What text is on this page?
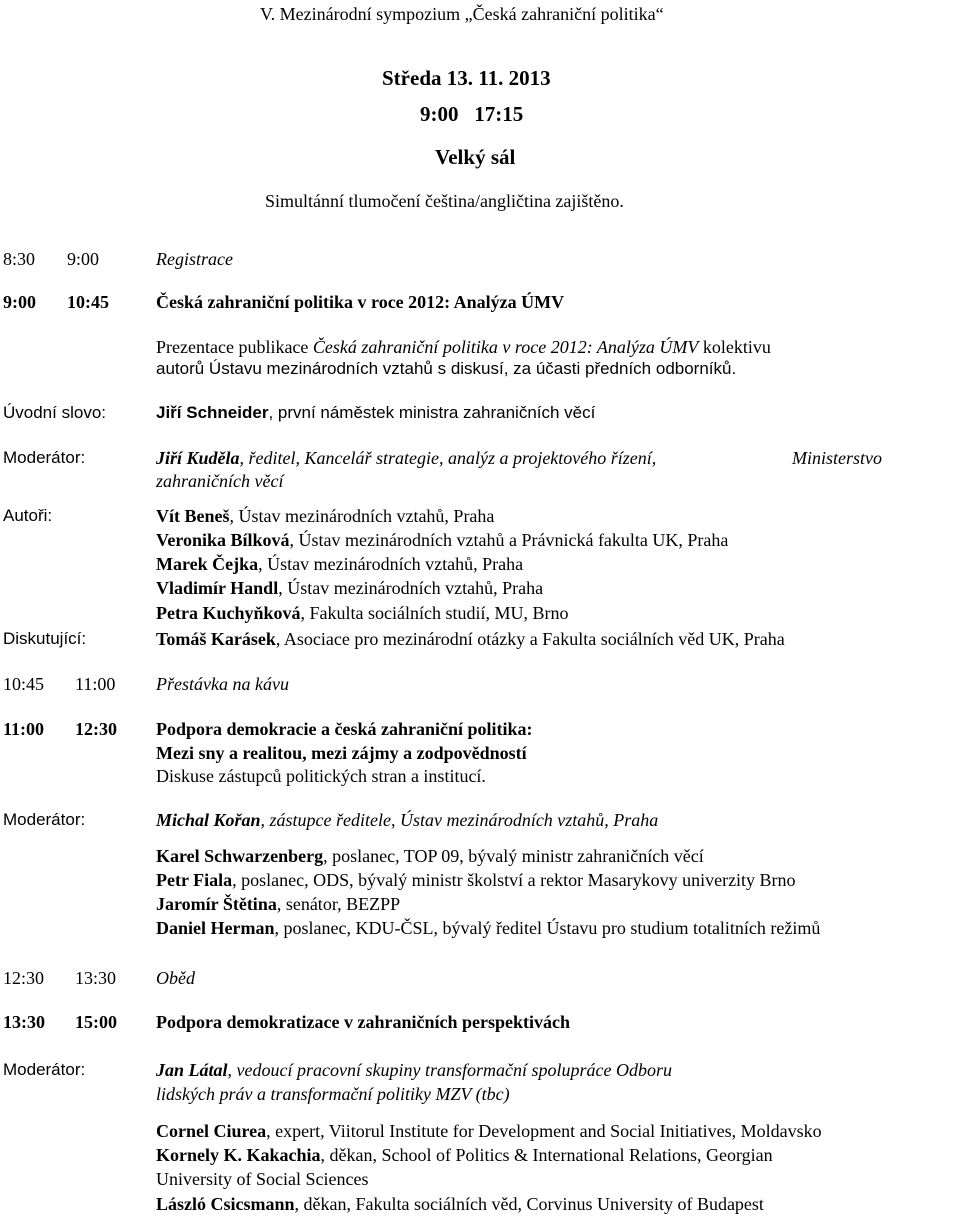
V. Mezinárodní sympozium „Česká zahraniční politika“
Středa 13. 11. 2013
9:00   17:15
Velký sál
Simultánní tlumočení čeština/angličtina zajištěno.
8:30 9:00	Registrace
9:00 10:45	Česká zahraniční politika v roce 2012: Analýza ÚMV
Prezentace publikace Česká zahraniční politika v roce 2012: Analýza ÚMV kolektivu
autorů Ústavu mezinárodních vztahů s diskusí, za účasti předních odborníků.
Úvodní slovo:	Jiří Schneider, první náměstek ministra zahraničních věcí
Moderátor:	Jiří Kuděla, ředitel, Kancelář strategie, analýz a projektového řízení,	Ministerstvo
zahraničních věcí
Autoři:	Vít Beneš, Ústav mezinárodních vztahů, Praha
Veronika Bílková, Ústav mezinárodních vztahů a Právnická fakulta UK, Praha
Marek Čejka, Ústav mezinárodních vztahů, Praha
Vladimír Handl, Ústav mezinárodních vztahů, Praha
Petra Kuchyňková, Fakulta sociálních studií, MU, Brno
Diskutující:	Tomáš Karásek, Asociace pro mezinárodní otázky a Fakulta sociálních věd UK, Praha
10:45 11:00 Přestávka na kávu
11:00 12:30 Podpora demokracie a česká zahraniční politika:
Mezi sny a realitou, mezi zájmy a zodpovědností
Diskuse zástupců politických stran a institucí.
Moderátor:	Michal Kořan, zástupce ředitele, Ústav mezinárodních vztahů, Praha
Karel Schwarzenberg, poslanec, TOP 09, bývalý ministr zahraničních věcí
Petr Fiala, poslanec, ODS, bývalý ministr školství a rektor Masarykovy univerzity Brno
Jaromír Štětina, senátor, BEZPP
Daniel Herman, poslanec, KDU-ČSL, bývalý ředitel Ústavu pro studium totalitních režimů
12:30 13:30 Oběd
13:30 15:00 Podpora demokratizace v zahraničních perspektivách
Moderátor:	Jan Látal, vedoucí pracovní skupiny transformační spolupráce Odboru
lidských práv a transformační politiky MZV (tbc)
Cornel Ciurea, expert, Viitorul Institute for Development and Social Initiatives, Moldavsko
Kornely K. Kakachia, děkan, School of Politics & International Relations, Georgian
University of Social Sciences
László Csicsmann, děkan, Fakulta sociálních věd, Corvinus University of Budapest
